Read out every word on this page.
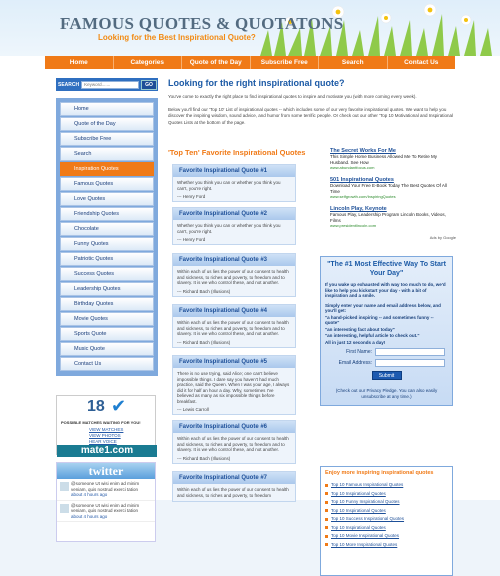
FAMOUS QUOTES & QUOTATONS
Looking for the Best Inspirational Quote?
Home	Categories	Quote of the Day	Subscribe Free	Search	Contact Us
SEARCH
Keyword.......	GO
Home
Quote of the Day
Subscribe Free
Search
Inspiration Quotes
Famous Quotes
Love Quotes
Friendship Quotes
Chocolate
Funny Quotes
Patriotic Quotes
Success Quotes
Leadership Quotes
Birthday Quotes
Movie Quotes
Sports Quote
Music Quote
Contact Us
18 ✔
POSSIBLE MATCHES WAITING FOR YOU!
VIEW MATCHES
VIEW PHOTOS
HEAR VOICE
mate1.com
twitter
@someone Ut wisi enim ad minim veniam, quis nostrud exerci tation
about 4 hours ago
@someone Ut wisi enim ad minim veniam, quis nostrud exerci tation
about 4 hours ago
Looking for the right inspirational quote?

You've come to exactly the right place to find inspirational quotes to inspire and motivate you (with more coming every week).

Below you'll find our 'Top 10' List of inspirational quotes -- which includes some of our very favorite inspirational quotes. We want to help you discover the inspiring wisdom, sound advice, and humor from some terrific people. Or check out our other 'Top 10 Motivational and Inspirational Quotes Lists at the bottom of the page.

'Top Ten' Favorite Inspirational Quotes
Favorite Inspirational Quote #1
Whether you think you can or whether you think you can't, you're right.
--- Henry Ford
Favorite Inspirational Quote #2
Whether you think you can or whether you think you can't, you're right.
--- Henry Ford
Favorite Inspirational Quote #3
Within each of us lies the power of our consent to health and sickness, to riches and poverty, to freedom and to slavery. It is we who control these, and not another.
--- Richard Bach (Illusions)
Favorite Inspirational Quote #4
Within each of us lies the power of our consent to health and sickness, to riches and poverty, to freedom and to slavery. It is we who control these, and not another.
--- Richard Bach (Illusions)
Favorite Inspirational Quote #5
There is no use trying, said Alice; one can't believe impossible things. I dare say you haven't had much practice, said the Queen. When I was your age, I always did it for half an hour a day. Why, sometimes I've believed as many as six impossible things before breakfast.
--- Lewis Carroll
Favorite Inspirational Quote #6
Within each of us lies the power of our consent to health and sickness, to riches and poverty, to freedom and to slavery. It is we who control these, and not another.
--- Richard Bach (Illusions)
Favorite Inspirational Quote #7
Within each of us lies the power of our consent to health and sickness, to riches and poverty, to freedom
The Secret Works For Me
This Simple Home Business Allowed Me To Retire My Husband. See How
www.abundantfocus.com
501 Inspirational Quotes
Download Your Free E-Book Today The Best Quotes Of All Time
www.selfgrowth.com/InspiringQuotes
Lincoln Play, Keynote
Famous Play, Leadership Program Lincoln Books, Videos, Films
www.presidentlincoln.com
Ads by Google
"The #1 Most Effective Way To Start Your Day"
If you wake up exhausted with way too much to do, we'd like to help you kickstart your day - with a bit of inspiration and a smile.
Simply enter your name and email address below, and you'll get:
"a hand-picked inspiring -- and sometimes funny -- quote"
"an interesting fact about today"
"an interesting, helpful article to check out."
All in just 12 seconds a day!
First Name:
Email Address:
Submit
(Check out our Privacy Pledge. You can also easily unsubscribe at any time.)
Enjoy more inspiring inspirational quotes
Top 10 Famous Inspirational Quotes
Top 10 Inspirational Quotes
Top 10 Funny Inspirational Quotes
Top 10 Inspirational Quotes
Top 10 Success Inspirational Quotes
Top 10 Inspirational Quotes
Top 10 Movie Inspirational Quotes
Top 10 More Inspirational Quotes
